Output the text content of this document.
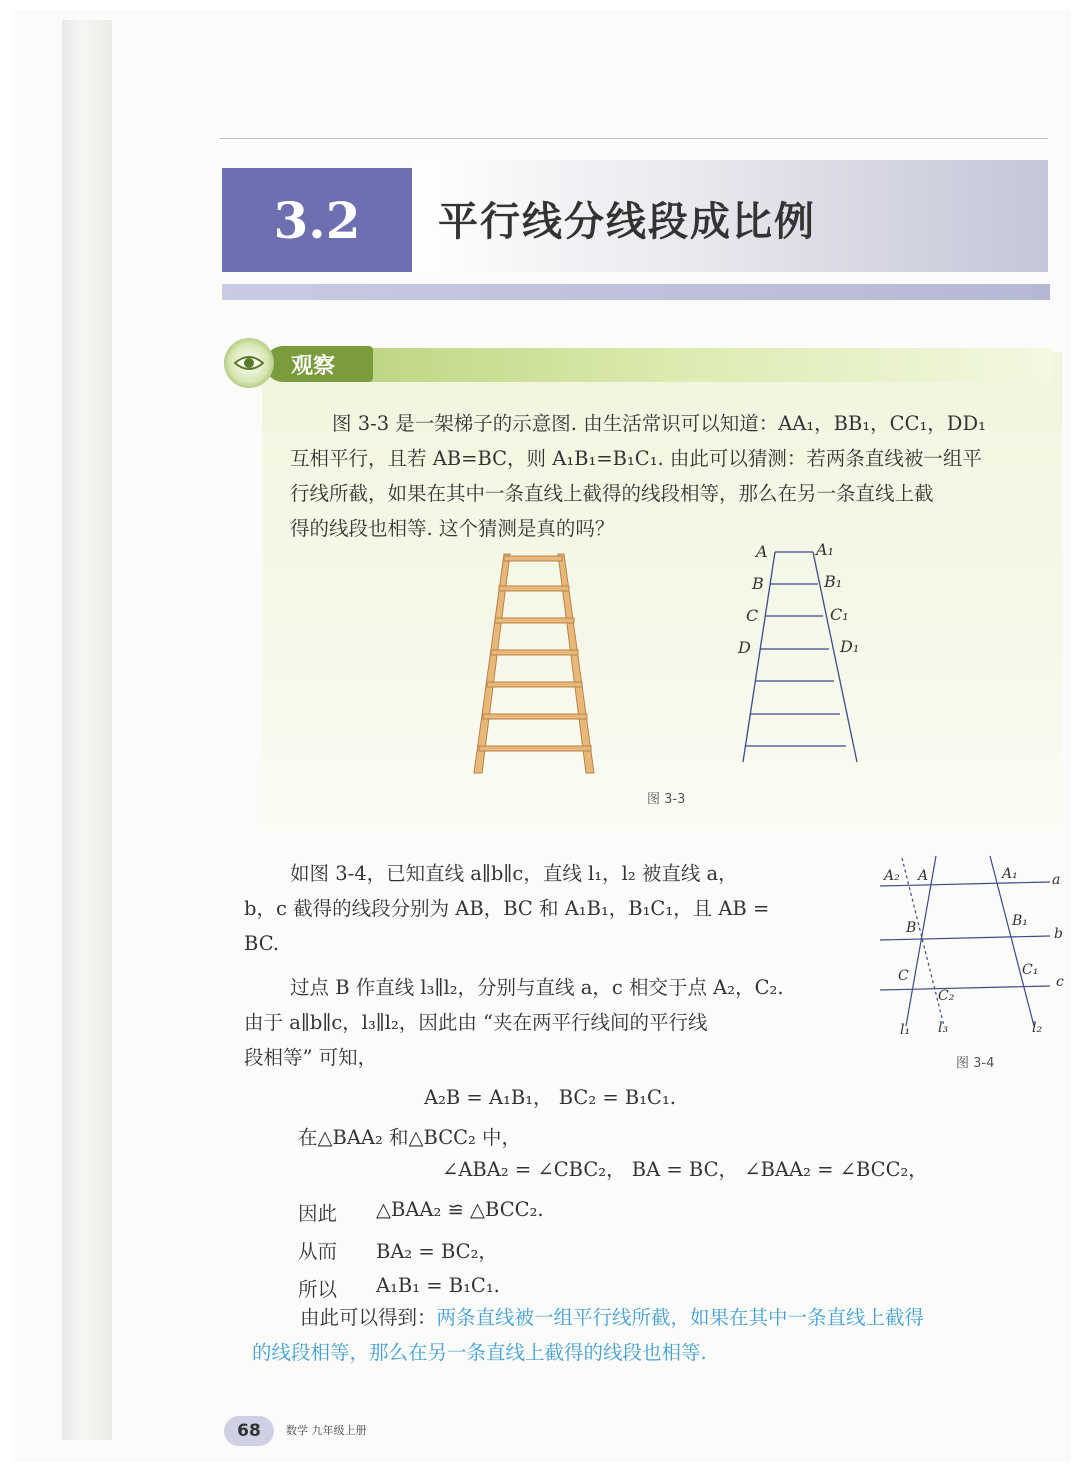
3.2	平行线分线段成比例
观察
图 3-3 是一架梯子的示意图. 由生活常识可以知道：AA₁，BB₁，CC₁，DD₁
互相平行，且若 AB=BC，则 A₁B₁=B₁C₁. 由此可以猜测：若两条直线被一组平
行线所截，如果在其中一条直线上截得的线段相等，那么在另一条直线上截
得的线段也相等. 这个猜测是真的吗？
A	A₁
B	B₁
C	C₁
D	D₁
图 3-3
如图 3-4，已知直线 a∥b∥c，直线 l₁，l₂ 被直线 a，
b，c 截得的线段分别为 AB，BC 和 A₁B₁，B₁C₁，且 AB =
BC.
过点 B 作直线 l₃∥l₂，分别与直线 a，c 相交于点 A₂，C₂.
由于 a∥b∥c，l₃∥l₂，因此由 “夹在两平行线间的平行线
段相等” 可知，
A₂ A	A₁ a
B	B₁
b
C	C₁
c
C₂
l₁ l₃	l₂
图 3-4
A₂B = A₁B₁， BC₂ = B₁C₁.
在△BAA₂ 和△BCC₂ 中，
∠ABA₂ = ∠CBC₂， BA = BC， ∠BAA₂ = ∠BCC₂，
因此 △BAA₂ ≌ △BCC₂.
从而 BA₂ = BC₂，
所以 A₁B₁ = B₁C₁.
由此可以得到：两条直线被一组平行线所截，如果在其中一条直线上截得
的线段相等，那么在另一条直线上截得的线段也相等.
68	数学 九年级上册
